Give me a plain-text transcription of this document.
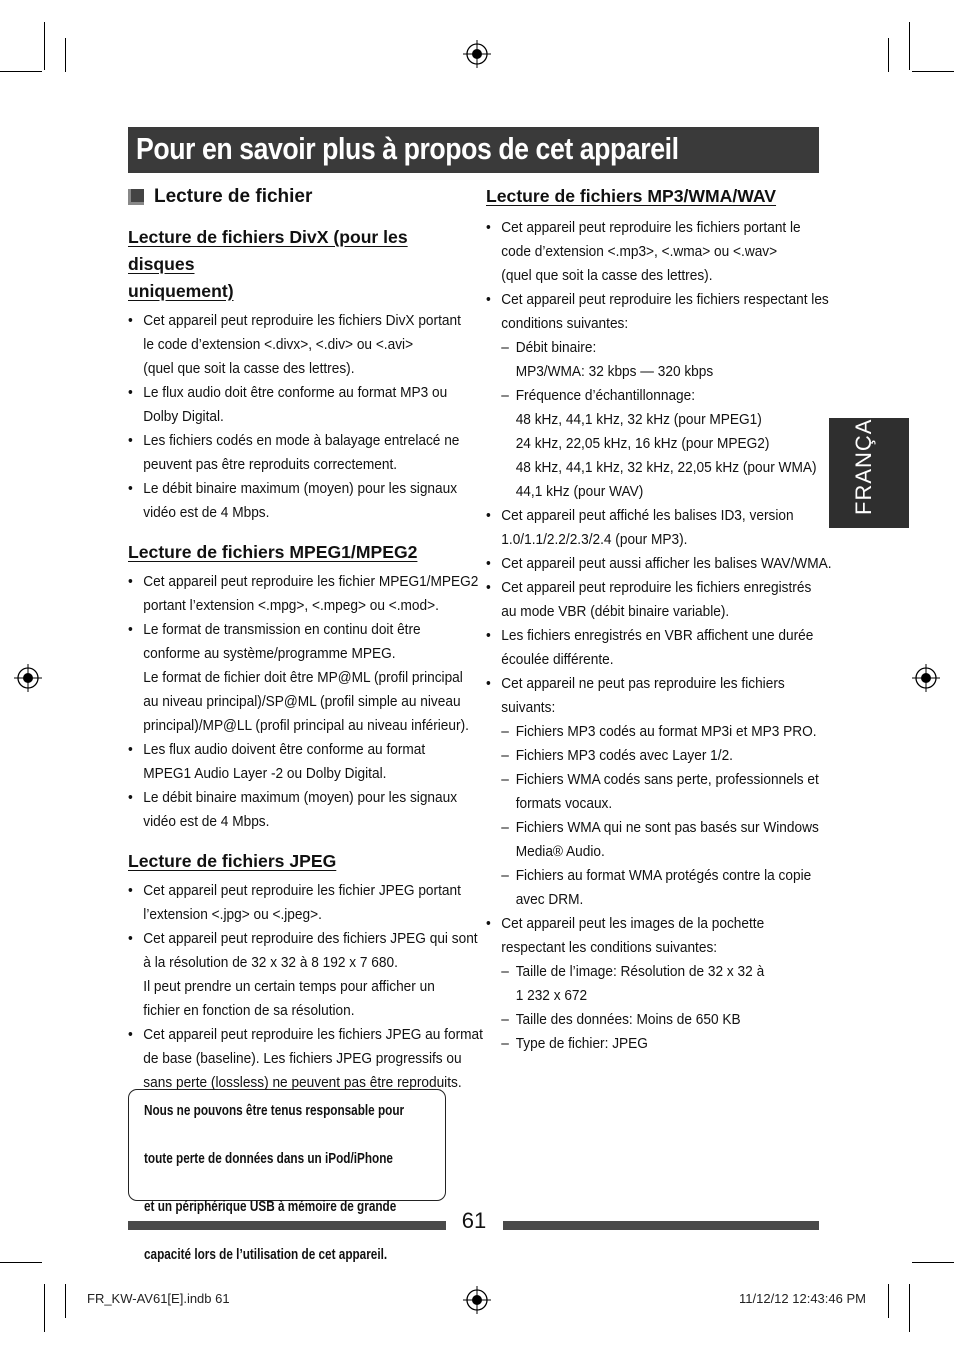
Pour en savoir plus à propos de cet appareil
FRANÇAIS
Lecture de fichier
Lecture de fichiers DivX (pour les disques
uniquement)
• Cet appareil peut reproduire les fichiers DivX portant
le code d’extension <.divx>, <.div> ou <.avi>
(quel que soit la casse des lettres).
• Le flux audio doit être conforme au format MP3 ou
Dolby Digital.
• Les fichiers codés en mode à balayage entrelacé ne
peuvent pas être reproduits correctement.
• Le débit binaire maximum (moyen) pour les signaux
vidéo est de 4 Mbps.
Lecture de fichiers MPEG1/MPEG2
• Cet appareil peut reproduire les fichier MPEG1/MPEG2
portant l’extension <.mpg>, <.mpeg> ou <.mod>.
• Le format de transmission en continu doit être
conforme au système/programme MPEG.
Le format de fichier doit être MP@ML (profil principal
au niveau principal)/SP@ML (profil simple au niveau
principal)/MP@LL (profil principal au niveau inférieur).
• Les flux audio doivent être conforme au format
MPEG1 Audio Layer -2 ou Dolby Digital.
• Le débit binaire maximum (moyen) pour les signaux
vidéo est de 4 Mbps.
Lecture de fichiers JPEG
• Cet appareil peut reproduire les fichier JPEG portant
l’extension <.jpg> ou <.jpeg>.
• Cet appareil peut reproduire des fichiers JPEG qui sont
à la résolution de 32 x 32 à 8 192 x 7 680.
Il peut prendre un certain temps pour afficher un
fichier en fonction de sa résolution.
• Cet appareil peut reproduire les fichiers JPEG au format
de base (baseline). Les fichiers JPEG progressifs ou
sans perte (lossless) ne peuvent pas être reproduits.
Nous ne pouvons être tenus responsable pour

toute perte de données dans un iPod/iPhone

et un périphérique USB à mémoire de grande

capacité lors de l’utilisation de cet appareil.
Lecture de fichiers MP3/WMA/WAV
• Cet appareil peut reproduire les fichiers portant le
code d’extension <.mp3>, <.wma> ou <.wav>
(quel que soit la casse des lettres).
• Cet appareil peut reproduire les fichiers respectant les
conditions suivantes:
– Débit binaire:
MP3/WMA: 32 kbps — 320 kbps
– Fréquence d’échantillonnage:
48 kHz, 44,1 kHz, 32 kHz (pour MPEG1)
24 kHz, 22,05 kHz, 16 kHz (pour MPEG2)
48 kHz, 44,1 kHz, 32 kHz, 22,05 kHz (pour WMA)
44,1 kHz (pour WAV)
• Cet appareil peut affiché les balises ID3, version
1.0/1.1/2.2/2.3/2.4 (pour MP3).
• Cet appareil peut aussi afficher les balises WAV/WMA.
• Cet appareil peut reproduire les fichiers enregistrés
au mode VBR (débit binaire variable).
• Les fichiers enregistrés en VBR affichent une durée
écoulée différente.
• Cet appareil ne peut pas reproduire les fichiers
suivants:
– Fichiers MP3 codés au format MP3i et MP3 PRO.
– Fichiers MP3 codés avec Layer 1/2.
– Fichiers WMA codés sans perte, professionnels et
formats vocaux.
– Fichiers WMA qui ne sont pas basés sur Windows
Media® Audio.
– Fichiers au format WMA protégés contre la copie
avec DRM.
• Cet appareil peut les images de la pochette
respectant les conditions suivantes:
– Taille de l’image: Résolution de 32 x 32 à
1 232 x 672
– Taille des données: Moins de 650 KB
– Type de fichier: JPEG
61
FR_KW-AV61[E].indb 61	11/12/12 12:43:46 PM
